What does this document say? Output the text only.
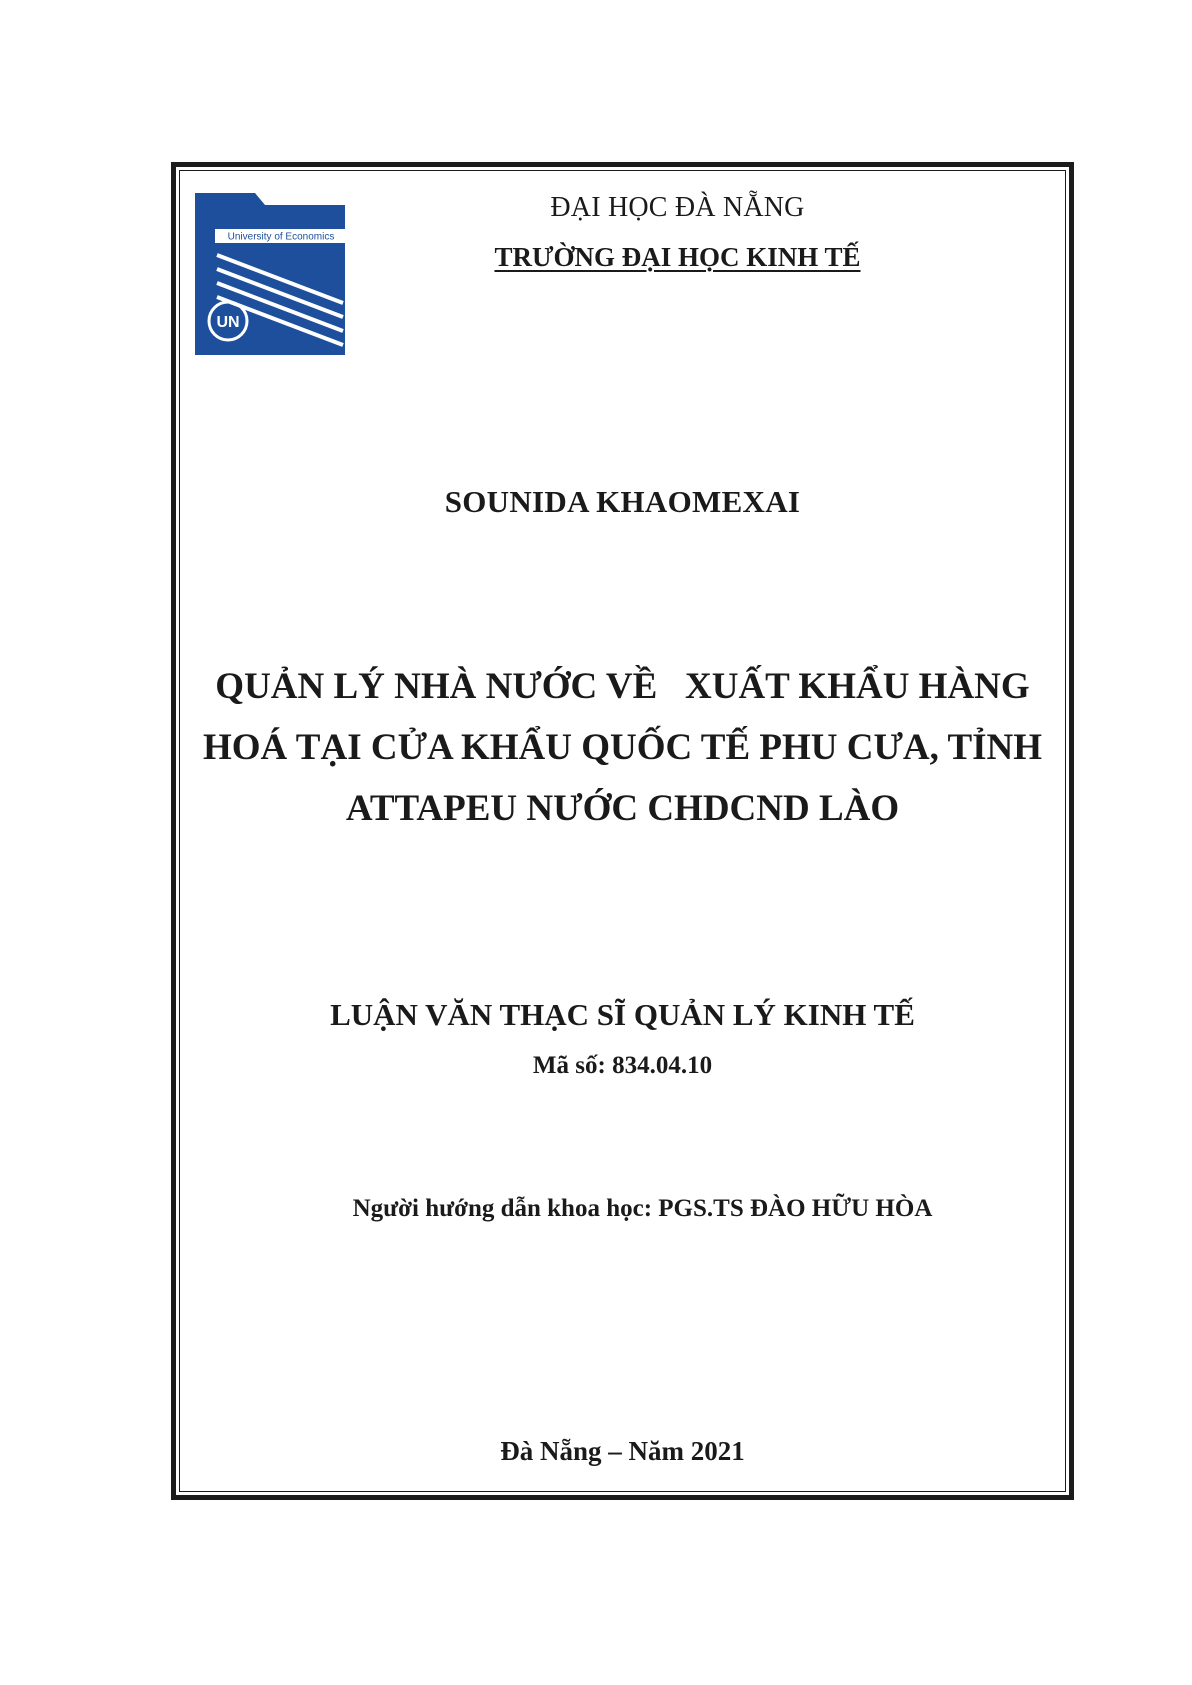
University of Economics
UN

ĐẠI HỌC ĐÀ NẴNG

TRƯỜNG ĐẠI HỌC KINH TẾ

SOUNIDA KHAOMEXAI

QUẢN LÝ NHÀ NƯỚC VỀ   XUẤT KHẨU HÀNG
HOÁ TẠI CỬA KHẨU QUỐC TẾ PHU CƯA, TỈNH
ATTAPEU NƯỚC CHDCND LÀO

LUẬN VĂN THẠC SĨ QUẢN LÝ KINH TẾ

Mã số: 834.04.10

Người hướng dẫn khoa học: PGS.TS ĐÀO HỮU HÒA

Đà Nẵng – Năm 2021
